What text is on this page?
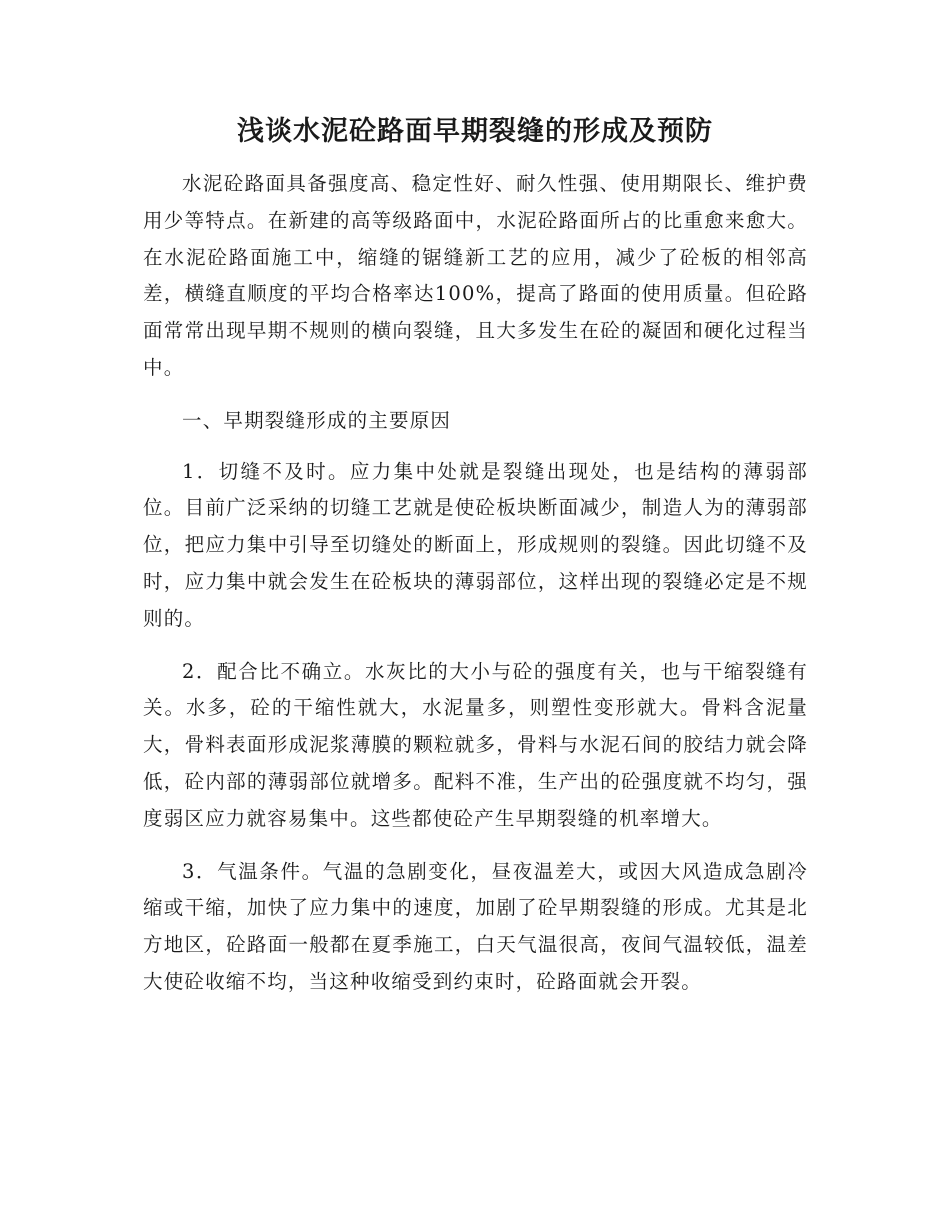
浅谈水泥砼路面早期裂缝的形成及预防

水泥砼路面具备强度高、稳定性好、耐久性强、使用期限长、维护费用少等特点。在新建的高等级路面中，水泥砼路面所占的比重愈来愈大。在水泥砼路面施工中，缩缝的锯缝新工艺的应用，减少了砼板的相邻高差，横缝直顺度的平均合格率达100%，提高了路面的使用质量。但砼路面常常出现早期不规则的横向裂缝，且大多发生在砼的凝固和硬化过程当中。

一、早期裂缝形成的主要原因

1．切缝不及时。应力集中处就是裂缝出现处，也是结构的薄弱部位。目前广泛采纳的切缝工艺就是使砼板块断面减少，制造人为的薄弱部位，把应力集中引导至切缝处的断面上，形成规则的裂缝。因此切缝不及时，应力集中就会发生在砼板块的薄弱部位，这样出现的裂缝必定是不规则的。

2．配合比不确立。水灰比的大小与砼的强度有关，也与干缩裂缝有关。水多，砼的干缩性就大，水泥量多，则塑性变形就大。骨料含泥量大，骨料表面形成泥浆薄膜的颗粒就多，骨料与水泥石间的胶结力就会降低，砼内部的薄弱部位就增多。配料不准，生产出的砼强度就不均匀，强度弱区应力就容易集中。这些都使砼产生早期裂缝的机率增大。

3．气温条件。气温的急剧变化，昼夜温差大，或因大风造成急剧冷缩或干缩，加快了应力集中的速度，加剧了砼早期裂缝的形成。尤其是北方地区，砼路面一般都在夏季施工，白天气温很高，夜间气温较低，温差大使砼收缩不均，当这种收缩受到约束时，砼路面就会开裂。
